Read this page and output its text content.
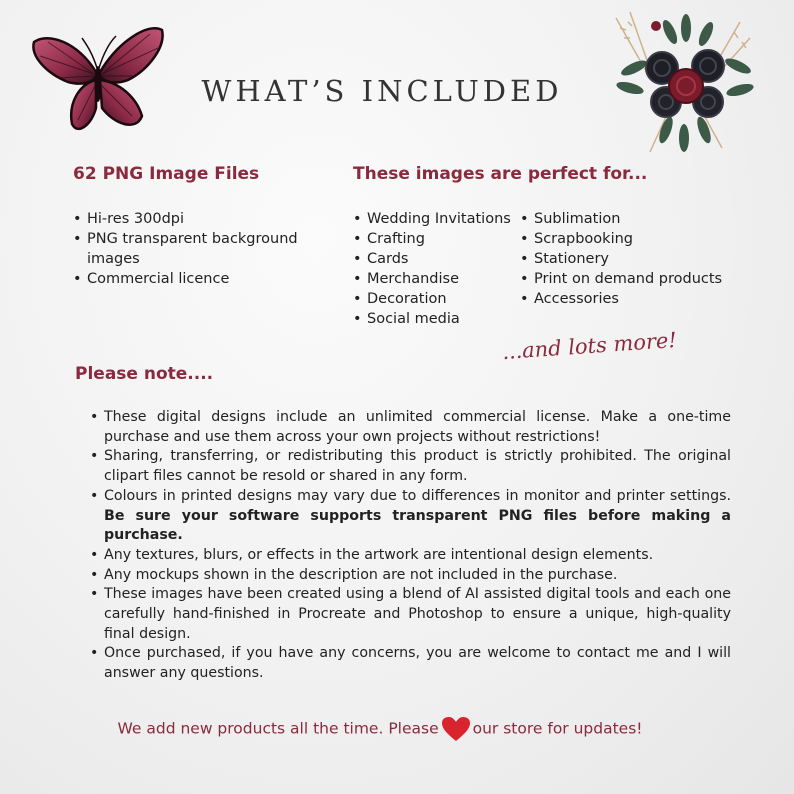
WHAT’S INCLUDED
62 PNG Image Files
• Hi-res 300dpi
• PNG transparent background images
• Commercial licence
These images are perfect for...
• Wedding Invitations
• Crafting
• Cards
• Merchandise
• Decoration
• Social media
• Sublimation
• Scrapbooking
• Stationery
• Print on demand products
• Accessories
...and lots more!
Please note....
• These digital designs include an unlimited commercial license. Make a one-time purchase and use them across your own projects without restrictions!
• Sharing, transferring, or redistributing this product is strictly prohibited. The original clipart files cannot be resold or shared in any form.
• Colours in printed designs may vary due to differences in monitor and printer settings. Be sure your software supports transparent PNG files before making a purchase.
• Any textures, blurs, or effects in the artwork are intentional design elements.
• Any mockups shown in the description are not included in the purchase.
• These images have been created using a blend of AI assisted digital tools and each one carefully hand-finished in Procreate and Photoshop to ensure a unique, high-quality final design.
• Once purchased, if you have any concerns, you are welcome to contact me and I will answer any questions.
We add new products all the time. Please our store for updates!
